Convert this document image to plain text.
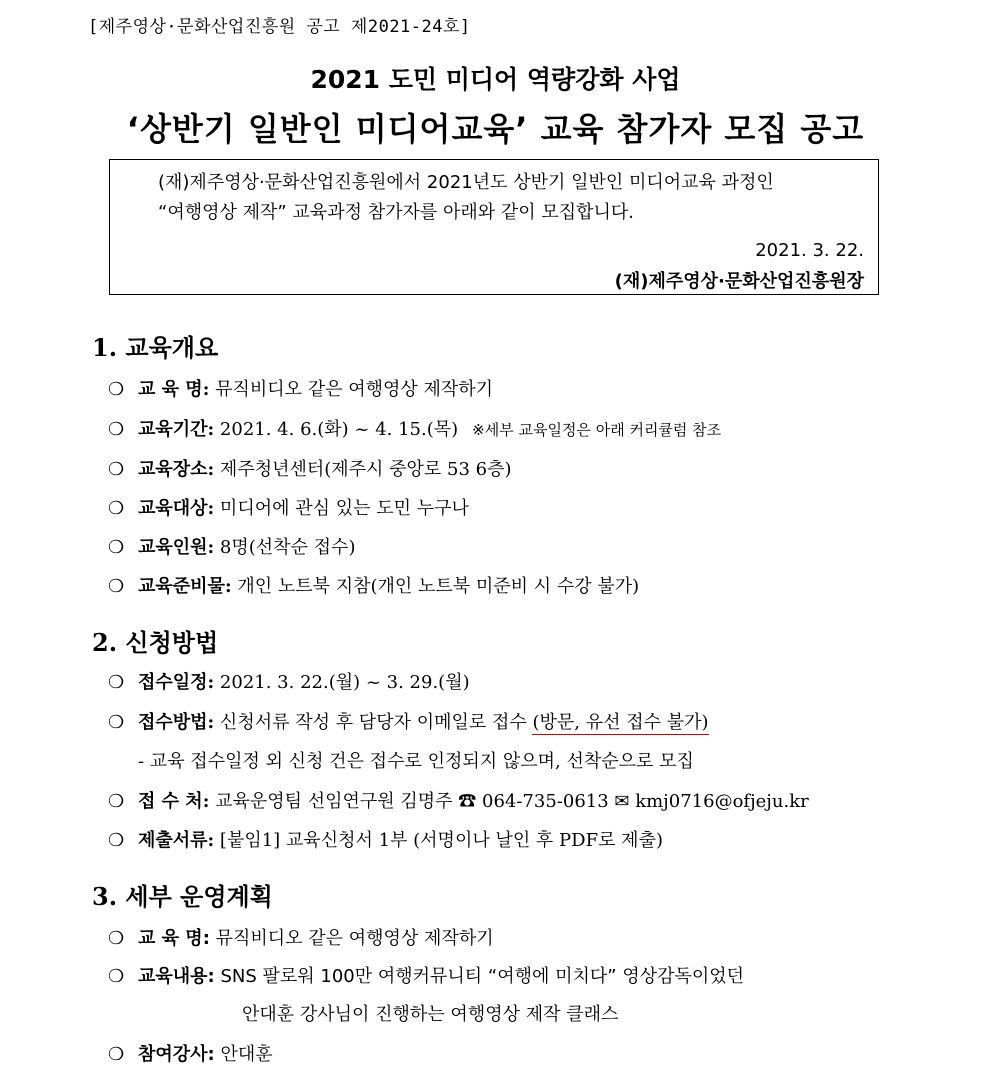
[제주영상·문화산업진흥원 공고 제2021-24호]
2021 도민 미디어 역량강화 사업
‘상반기 일반인 미디어교육’ 교육 참가자 모집 공고
(재)제주영상·문화산업진흥원에서 2021년도 상반기 일반인 미디어교육 과정인
“여행영상 제작” 교육과정 참가자를 아래와 같이 모집합니다.
2021. 3. 22.
(재)제주영상·문화산업진흥원장
1. 교육개요
❍ 교 육 명: 뮤직비디오 같은 여행영상 제작하기
❍ 교육기간: 2021. 4. 6.(화) ~ 4. 15.(목) ※세부 교육일정은 아래 커리큘럼 참조
❍ 교육장소: 제주청년센터(제주시 중앙로 53 6층)
❍ 교육대상: 미디어에 관심 있는 도민 누구나
❍ 교육인원: 8명(선착순 접수)
❍ 교육준비물: 개인 노트북 지참(개인 노트북 미준비 시 수강 불가)
2. 신청방법
❍ 접수일정: 2021. 3. 22.(월) ~ 3. 29.(월)
❍ 접수방법: 신청서류 작성 후 담당자 이메일로 접수 (방문, 유선 접수 불가)
- 교육 접수일정 외 신청 건은 접수로 인정되지 않으며, 선착순으로 모집
❍ 접 수 처: 교육운영팀 선임연구원 김명주 ☎ 064-735-0613 ✉ kmj0716@ofjeju.kr
❍ 제출서류: [붙임1] 교육신청서 1부 (서명이나 날인 후 PDF로 제출)
3. 세부 운영계획
❍ 교 육 명: 뮤직비디오 같은 여행영상 제작하기
❍ 교육내용: SNS 팔로워 100만 여행커뮤니티 “여행에 미치다” 영상감독이었던
안대훈 강사님이 진행하는 여행영상 제작 클래스
❍ 참여강사: 안대훈
